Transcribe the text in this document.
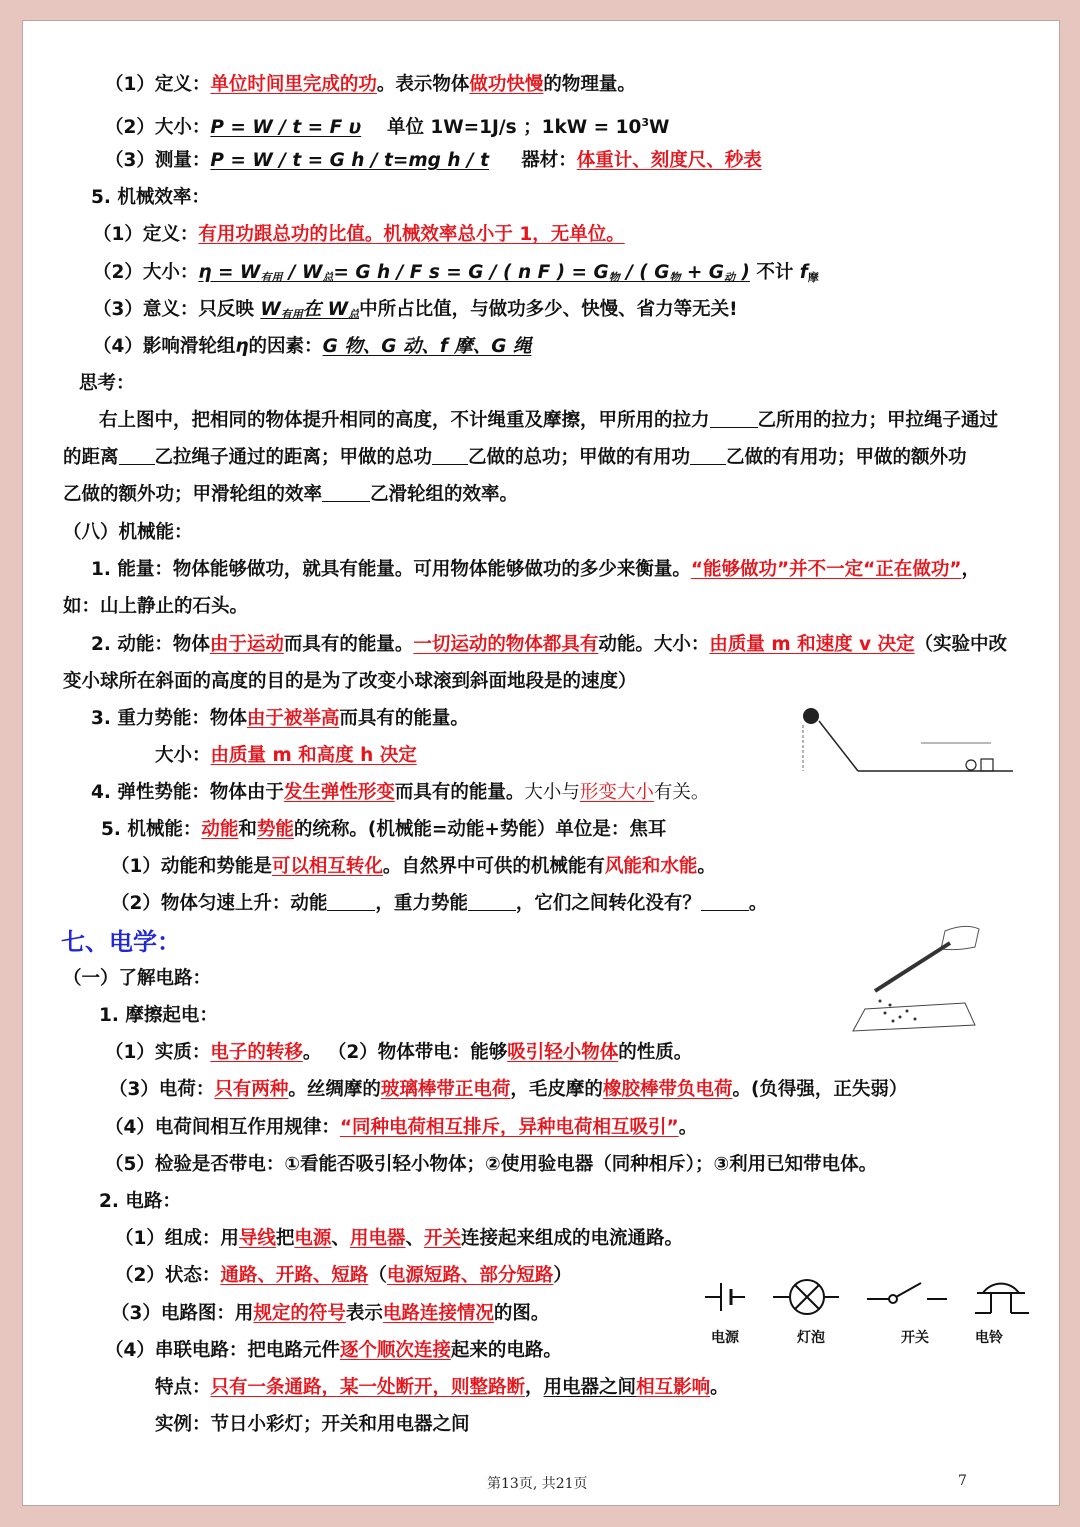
（1）定义：单位时间里完成的功。表示物体做功快慢的物理量。
（2）大小：P = W / t = F υ 单位 1W=1J/s ；$1kW = 10^3W$
（3）测量：P = W / t = G h / t=mg h / t 器材：体重计、刻度尺、秒表
5. 机械效率：
（1）定义：有用功跟总功的比值。机械效率总小于 1，无单位。
（2）大小：$\eta = W_{有用} / W_总= G$ h / F s = G / ( n F ) = $G_物$ / ( $G_物 + G_动$ ) 不计 $f_摩$
（3）意义：只反映 $W_{有用}$在 $W_总$中所占比值，与做功多少、快慢、省力等无关!
（4）影响滑轮组η的因素：G 物、G 动、f 摩、G 绳
思考：
右上图中，把相同的物体提升相同的高度，不计绳重及摩擦，甲所用的拉力	乙所用的拉力；甲拉绳子通过
的距离 乙拉绳子通过的距离；甲做的总功 乙做的总功；甲做的有用功 乙做的有用功；甲做的额外功
乙做的额外功；甲滑轮组的效率	乙滑轮组的效率。
（八）机械能：
1. 能量：物体能够做功，就具有能量。可用物体能够做功的多少来衡量。“能够做功”并不一定“正在做功”，
如：山上静止的石头。
2. 动能：物体由于运动而具有的能量。一切运动的物体都具有动能。大小：由质量 m 和速度 v 决定（实验中改
变小球所在斜面的高度的目的是为了改变小球滚到斜面地段是的速度）
3. 重力势能：物体由于被举高而具有的能量。
大小：由质量 m 和高度 h 决定
4. 弹性势能：物体由于发生弹性形变而具有的能量。大小与形变大小有关。
5. 机械能：动能和势能的统称。(机械能=动能+势能）单位是：焦耳
（1）动能和势能是可以相互转化。自然界中可供的机械能有风能和水能。
（2）物体匀速上升：动能	，重力势能	，它们之间转化没有？	。
七、电学：
（一）了解电路：
1. 摩擦起电：
（1）实质：电子的转移。 （2）物体带电：能够吸引轻小物体的性质。
（3）电荷：只有两种。丝绸摩的玻璃棒带正电荷，毛皮摩的橡胶棒带负电荷。(负得强，正失弱）
（4）电荷间相互作用规律：“同种电荷相互排斥，异种电荷相互吸引”。
（5）检验是否带电：①看能否吸引轻小物体；②使用验电器（同种相斥）；③利用已知带电体。
2. 电路：
（1）组成：用导线把电源、用电器、开关连接起来组成的电流通路。
（2）状态：通路、开路、短路（电源短路、部分短路）
（3）电路图：用规定的符号表示电路连接情况的图。
（4）串联电路：把电路元件逐个顺次连接起来的电路。
特点：只有一条通路，某一处断开，则整路断，用电器之间相互影响。
实例：节日小彩灯；开关和用电器之间
电源	灯泡	开关	电铃
第13页, 共21页	7
